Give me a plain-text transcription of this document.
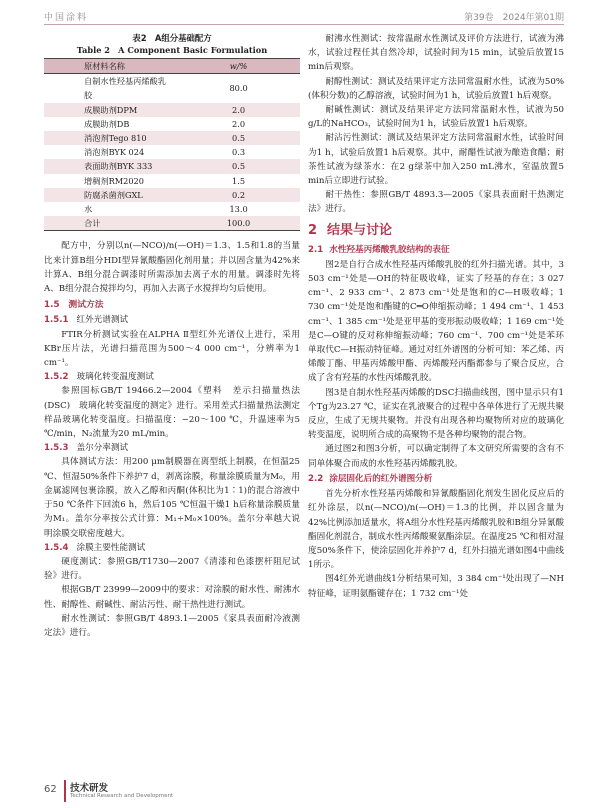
中国涂料	第39卷　2024年第01期
表2　A组分基础配方
Table 2　A Component Basic Formulation
原材料名称	w/%
自制水性羟基丙烯酸乳胶	80.0
成膜助剂DPM	2.0
成膜助剂DB	2.0
消泡剂Tego 810	0.5
消泡剂BYK 024	0.3
表面助剂BYK 333	0.5
增稠剂RM2020	1.5
防腐杀菌剂GXL	0.2
水	13.0
合计	100.0

配方中，分别以n(—NCO)/n(—OH)＝1.3、1.5和1.8的当量比来计算B组分HDI型异氰酸酯固化剂用量；并以固含量为42%来计算A、B组分混合调漆时所需添加去离子水的用量。调漆时先将A、B组分混合搅拌均匀，再加入去离子水搅拌均匀后使用。

1.5　 测试方法
1.5.1 红外光谱测试

FTIR分析测试实验在ALPHA Ⅱ型红外光谱仪上进行，采用KBr压片法，光谱扫描范围为500～4 000 cm⁻¹，分辨率为1 cm⁻¹。

1.5.2 玻璃化转变温度测试

参照国标GB/T 19466.2—2004《塑料　差示扫描量热法(DSC)　玻璃化转变温度的测定》进行。采用差式扫描量热法测定样品玻璃化转变温度。扫描温度：−20～100 ℃，升温速率为5 ℃/min，N₂流量为20 mL/min。

1.5.3 盖尔分率测试

具体测试方法：用200 μm制膜器在离型纸上制膜，在恒温25 ℃、恒湿50%条件下养护7 d，剥离涂膜，称量涂膜质量为M₀，用金属滤网包裹涂膜，放入乙醇和丙酮(体积比为1∶1)的混合溶液中于50 ℃条件下回流6 h，然后105 ℃恒温干燥1 h后称量涂膜质量为M₁。盖尔分率按公式计算：M₁÷M₀×100%。盖尔分率越大说明涂膜交联密度越大。

1.5.4 涂膜主要性能测试

硬度测试：参照GB/T1730—2007《清漆和色漆摆杆阻尼试验》进行。

根据GB/T 23999—2009中的要求：对涂膜的耐水性、耐沸水性、耐醇性、耐碱性、耐沾污性、耐干热性进行测试。

耐水性测试：参照GB/T 4893.1—2005《家具表面耐冷液测定法》进行。

耐沸水性测试：按常温耐水性测试及评价方法进行，试液为沸水，试验过程任其自然冷却，试验时间为15 min，试验后放置15 min后观察。

耐醇性测试：测试及结果评定方法同常温耐水性，试液为50%(体积分数)的乙醇溶液，试验时间为1 h，试验后放置1 h后观察。

耐碱性测试：测试及结果评定方法同常温耐水性，试液为50 g/L的NaHCO₃，试验时间为1 h，试验后放置1 h后观察。

耐沾污性测试：测试及结果评定方法同常温耐水性，试验时间为1 h，试验后放置1 h后观察。其中，耐醋性试液为酿造食醋；耐茶性试液为绿茶水：在2 g绿茶中加入250 mL沸水，室温放置5 min后立即进行试验。

耐干热性：参照GB/T 4893.3—2005《家具表面耐干热测定法》进行。

2 结果与讨论
2.1 水性羟基丙烯酸乳胶结构的表征

图2是自行合成水性羟基丙烯酸乳胶的红外扫描光谱。其中，3 503 cm⁻¹处是—OH的特征吸收峰，证实了羟基的存在；3 027 cm⁻¹、2 933 cm⁻¹、2 873 cm⁻¹处是饱和的C—H吸收峰；1 730 cm⁻¹处是饱和酯键的C═O伸缩振动峰；1 494 cm⁻¹、1 453 cm⁻¹、1 385 cm⁻¹处是亚甲基的变形振动吸收峰；1 169 cm⁻¹处是C—O键的反对称伸缩振动峰；760 cm⁻¹、700 cm⁻¹处是苯环单取代C—H振动特征峰。通过对红外谱图的分析可知：苯乙烯、丙烯酸丁酯、甲基丙烯酸甲酯、丙烯酸羟丙酯都参与了聚合反应，合成了含有羟基的水性丙烯酸乳胶。

图3是自制水性羟基丙烯酸的DSC扫描曲线图，图中显示只有1个Tg为23.27 ℃，证实在乳液聚合的过程中各单体进行了无规共聚反应，生成了无规共聚物。并没有出现各种均聚物所对应的玻璃化转变温度，说明所合成的高聚物不是各种均聚物的混合物。

通过图2和图3分析，可以确定制得了本文研究所需要的含有不同单体聚合而成的水性羟基丙烯酸乳胶。

2.2 涂层固化后的红外谱图分析

首先分析水性羟基丙烯酸和异氰酸酯固化剂发生固化反应后的红外涂层，以n(—NCO)/n(—OH)＝1.3的比例，并以固含量为42%比例添加适量水，将A组分水性羟基丙烯酸乳胶和B组分异氰酸酯固化剂混合，制成水性丙烯酸聚氨酯涂层。在温度25 ℃和相对湿度50%条件下，使涂层固化并养护7 d，红外扫描光谱如图4中曲线1所示。

图4红外光谱曲线1分析结果可知，3 384 cm⁻¹处出现了—NH特征峰，证明氨酯键存在；1 732 cm⁻¹处

62 技术研发
Technical Research and Development
